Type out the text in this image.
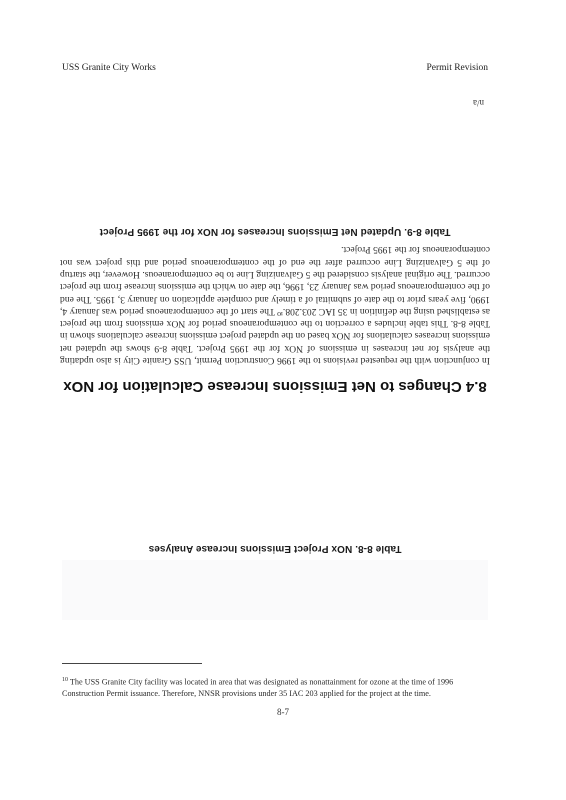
USS Granite City Works	Permit Revision
n/a
Table 8-9. Updated Net Emissions Increases for NOx for the 1995 Project
8.4 Changes to Net Emissions Increase Calculation for NOx
In conjunction with the requested revisions to the 1996 Construction Permit, USS Granite City is also updating the analysis for net increases in emissions of NOx for the 1995 Project. Table 8-9 shows the updated net emissions increases calculations for NOx based on the updated project emissions increase calculations shown in Table 8-8. This table includes a correction to the contemporaneous period for NOx emissions from the project as established using the definition in 35 IAC 203.208.ⁱ⁰ The start of the contemporaneous period was January 4, 1990, five years prior to the date of submittal of a timely and complete application on January 3, 1995. The end of the contemporaneous period was January 23, 1996, the date on which the emissions increase from the project occurred. The original analysis considered the 5 Galvanizing Line to be contemporaneous. However, the startup of the 5 Galvanizing Line occurred after the end of the contemporaneous period and this project was not contemporaneous for the 1995 Project.
Table 8-8. NOx Project Emissions Increase Analyses
$^{10}$ The USS Granite City facility was located in area that was designated as nonattainment for ozone at the time of 1996 Construction Permit issuance. Therefore, NNSR provisions under 35 IAC 203 applied for the project at the time.
8-7
